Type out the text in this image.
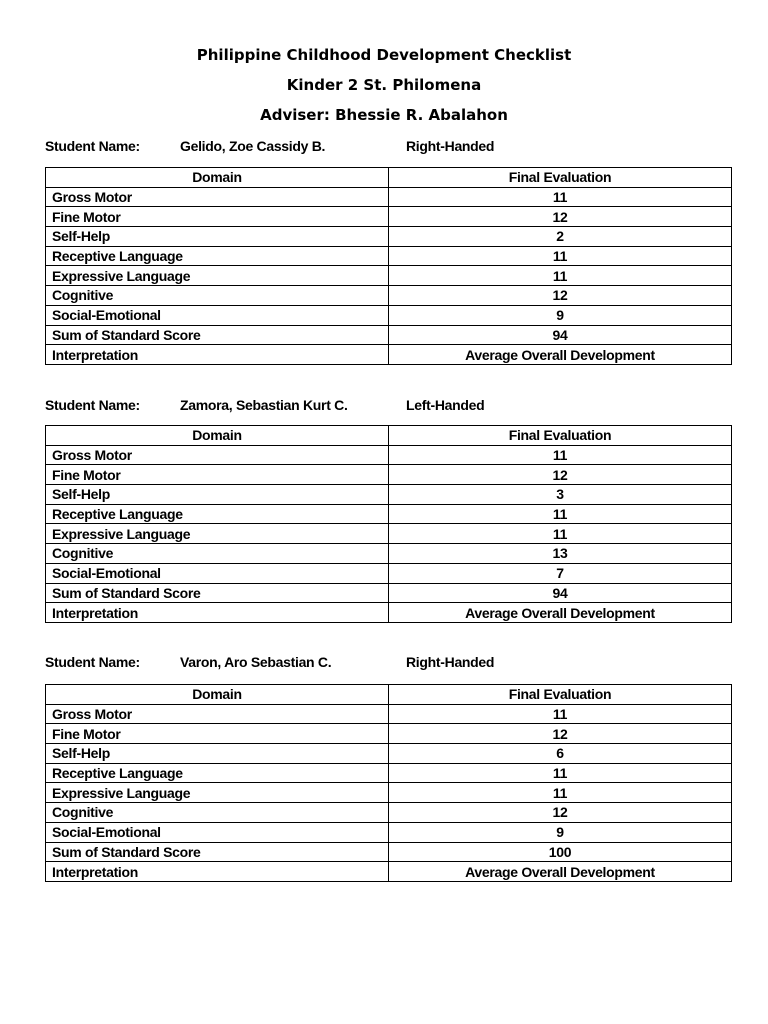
Philippine Childhood Development Checklist
Kinder 2 St. Philomena
Adviser: Bhessie R. Abalahon
Student Name:	Gelido, Zoe Cassidy B.	Right-Handed
Domain	Final Evaluation
Gross Motor	11
Fine Motor	12
Self-Help	2
Receptive Language	11
Expressive Language	11
Cognitive	12
Social-Emotional	9
Sum of Standard Score	94
Interpretation	Average Overall Development
Student Name:	Zamora, Sebastian Kurt C.	Left-Handed
Domain	Final Evaluation
Gross Motor	11
Fine Motor	12
Self-Help	3
Receptive Language	11
Expressive Language	11
Cognitive	13
Social-Emotional	7
Sum of Standard Score	94
Interpretation	Average Overall Development
Student Name:	Varon, Aro Sebastian C.	Right-Handed
Domain	Final Evaluation
Gross Motor	11
Fine Motor	12
Self-Help	6
Receptive Language	11
Expressive Language	11
Cognitive	12
Social-Emotional	9
Sum of Standard Score	100
Interpretation	Average Overall Development
